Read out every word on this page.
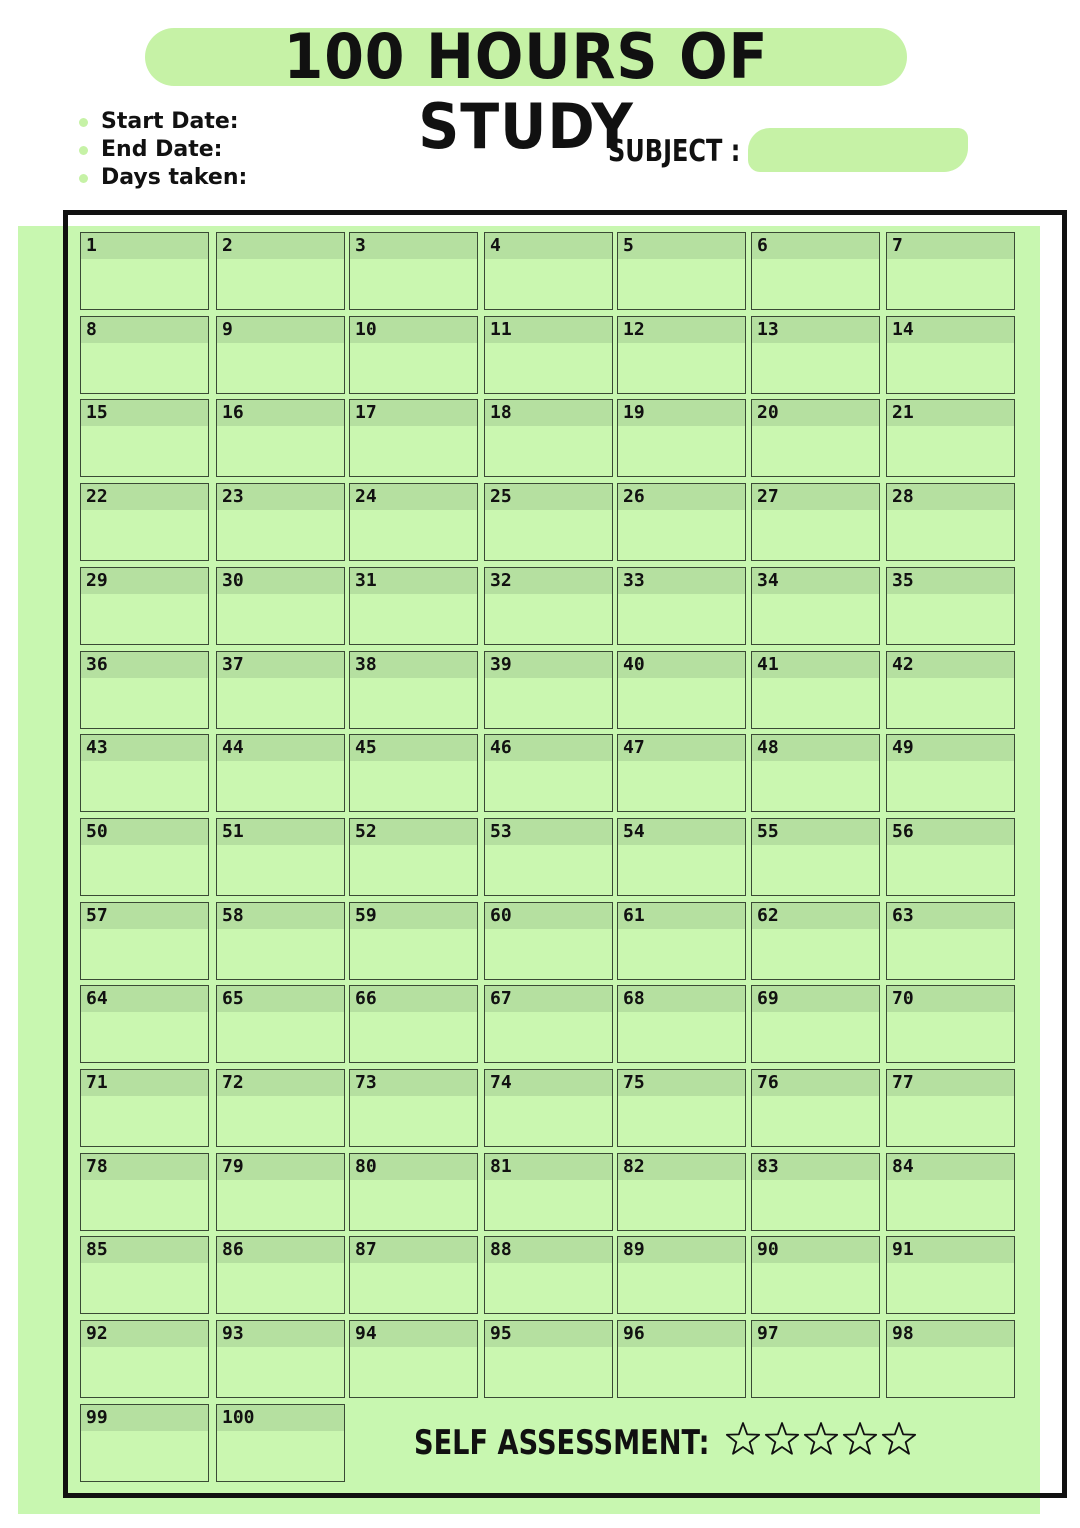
100 HOURS OF STUDY
Start Date:
End Date:
Days taken:
SUBJECT :
1	2	3	4	5	6	7
8	9	10	11	12	13	14
15	16	17	18	19	20	21
22	23	24	25	26	27	28
29	30	31	32	33	34	35
36	37	38	39	40	41	42
43	44	45	46	47	48	49
50	51	52	53	54	55	56
57	58	59	60	61	62	63
64	65	66	67	68	69	70
71	72	73	74	75	76	77
78	79	80	81	82	83	84
85	86	87	88	89	90	91
92	93	94	95	96	97	98
99	100
SELF ASSESSMENT:
